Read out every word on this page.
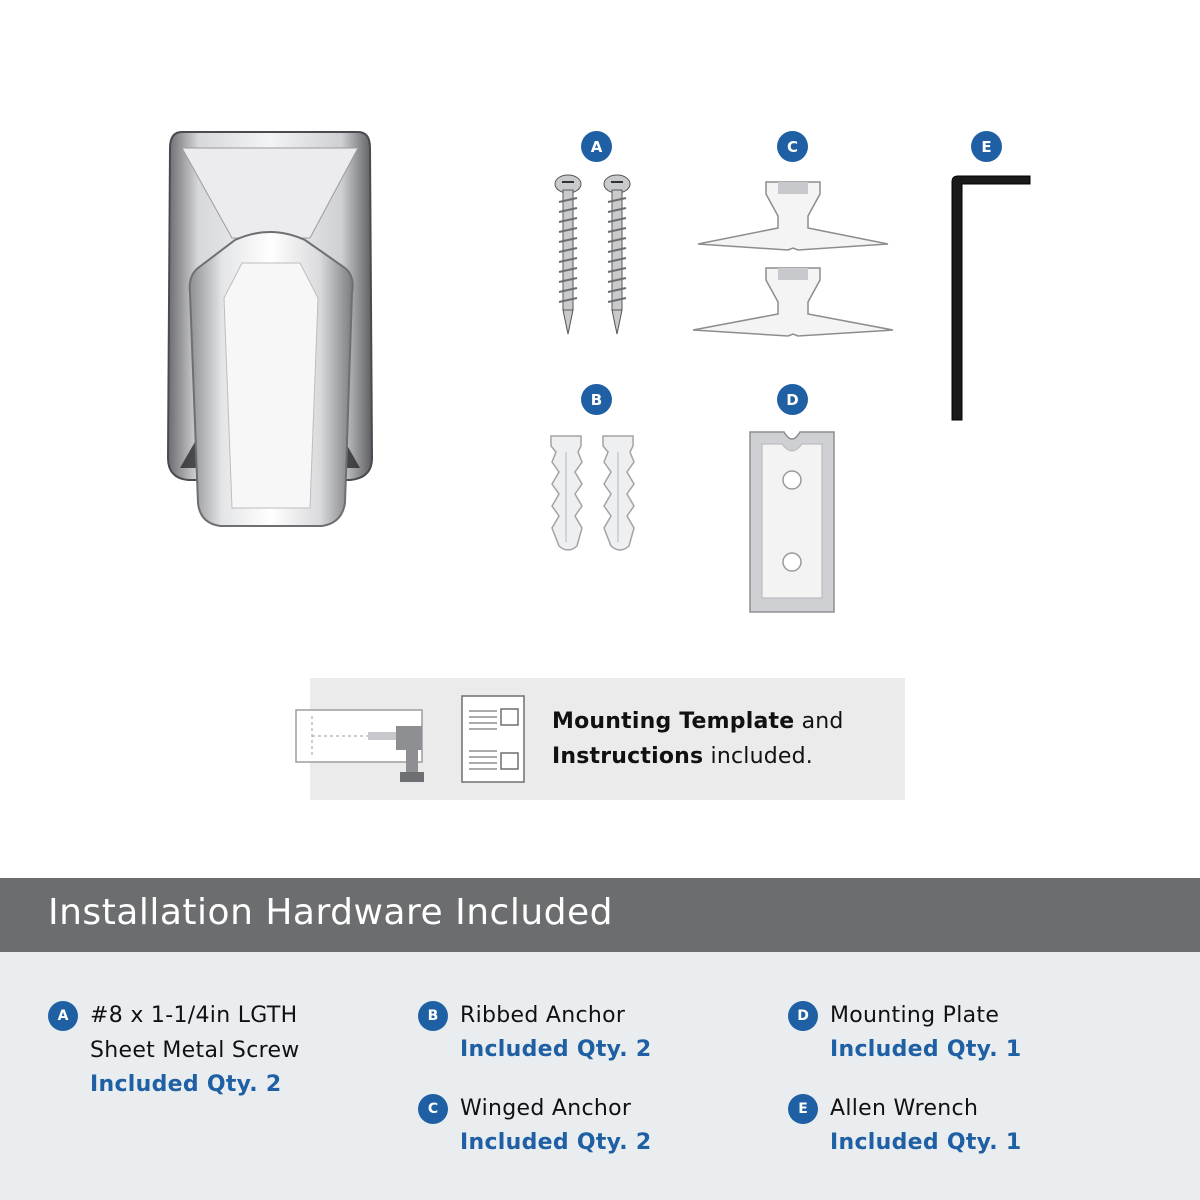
A	C	E
B	D
Mounting Template and
Instructions included.
Installation Hardware Included
A #8 x 1-1/4in LGTH
Sheet Metal Screw
Included Qty. 2
B Ribbed Anchor
Included Qty. 2
C Winged Anchor
Included Qty. 2
D Mounting Plate
Included Qty. 1
E	Allen Wrench
Included Qty. 1
